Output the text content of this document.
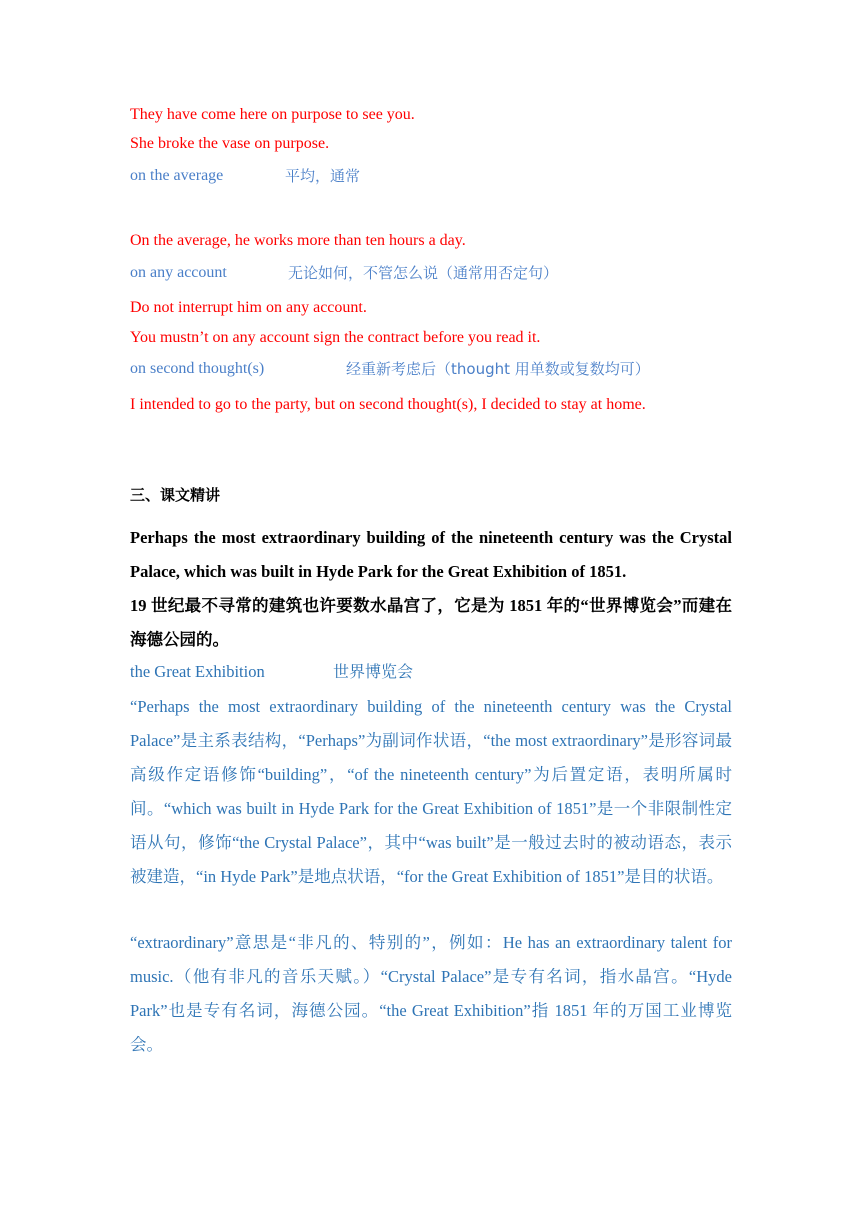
They have come here on purpose to see you.
She broke the vase on purpose.
on the average	平均，通常
On the average, he works more than ten hours a day.
on any account	无论如何，不管怎么说（通常用否定句）
Do not interrupt him on any account.
You mustn’t on any account sign the contract before you read it.
on second thought(s)	经重新考虑后（thought 用单数或复数均可）
I intended to go to the party, but on second thought(s), I decided to stay at home.
三、课文精讲
Perhaps the most extraordinary building of the nineteenth century was the Crystal Palace, which was built in Hyde Park for the Great Exhibition of 1851.
19 世纪最不寻常的建筑也许要数水晶宫了，它是为 1851 年的“世界博览会”而建在海德公园的。
the Great Exhibition	世界博览会
“Perhaps the most extraordinary building of the nineteenth century was the Crystal Palace”是主系表结构，“Perhaps”为副词作状语，“the most extraordinary”是形容词最高级作定语修饰“building”，“of the nineteenth century”为后置定语，表明所属时间。“which was built in Hyde Park for the Great Exhibition of 1851”是一个非限制性定语从句，修饰“the Crystal Palace”，其中“was built”是一般过去时的被动语态，表示被建造，“in Hyde Park”是地点状语，“for the Great Exhibition of 1851”是目的状语。
“extraordinary”意思是“非凡的、特别的”，例如：He has an extraordinary talent for music.（他有非凡的音乐天赋。）“Crystal Palace”是专有名词，指水晶宫。“Hyde Park”也是专有名词，海德公园。“the Great Exhibition”指 1851 年的万国工业博览会。
